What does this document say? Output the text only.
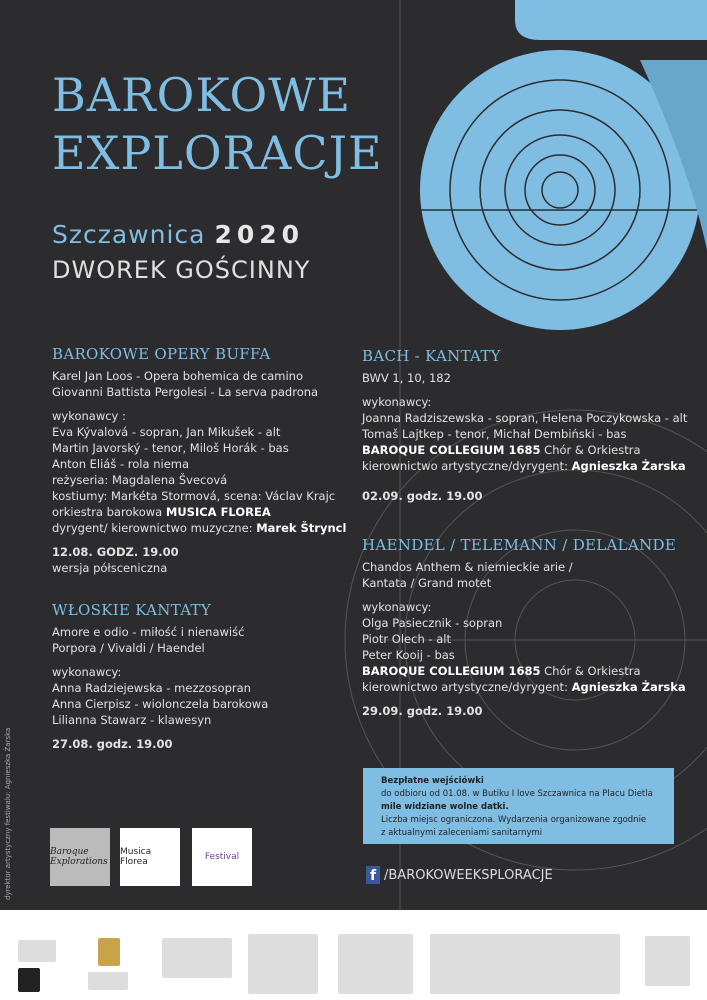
BAROKOWE
EXPLORACJE
Szczawnica 2020
DWOREK GOŚCINNY
BAROKOWE OPERY BUFFA

Karel Jan Loos - Opera bohemica de camino
Giovanni Battista Pergolesi - La serva padrona

wykonawcy :
Eva Kývalová - sopran, Jan Mikušek - alt
Martin Javorský - tenor, Miloš Horák - bas
Anton Eliáš - rola niema
reżyseria: Magdalena Švecová
kostiumy: Markéta Stormová, scena: Václav Krajc
orkiestra barokowa MUSICA FLOREA
dyrygent/ kierownictwo muzyczne: Marek Štryncl

12.08. GODZ. 19.00
wersja półsceniczna

WŁOSKIE KANTATY

Amore e odio - miłość i nienawiść
Porpora / Vivaldi / Haendel

wykonawcy:
Anna Radziejewska - mezzosopran
Anna Cierpisz - wiolonczela barokowa
Lilianna Stawarz - klawesyn

27.08. godz. 19.00

BACH - KANTATY

BWV 1, 10, 182

wykonawcy:
Joanna Radziszewska - sopran, Helena Poczykowska - alt
Tomaš Lajtkep - tenor, Michał Dembiński - bas
BAROQUE COLLEGIUM 1685 Chór & Orkiestra
kierownictwo artystyczne/dyrygent: Agnieszka Żarska

02.09. godz. 19.00

HAENDEL / TELEMANN / DELALANDE

Chandos Anthem & niemieckie arie /
Kantata / Grand motet

wykonawcy:
Olga Pasiecznik - sopran
Piotr Olech - alt
Peter Kooij - bas
BAROQUE COLLEGIUM 1685 Chór & Orkiestra
kierownictwo artystyczne/dyrygent: Agnieszka Żarska

29.09. godz. 19.00

Bezpłatne wejściówki
do odbioru od 01.08. w Butiku I love Szczawnica na Placu Dietla
mile widziane wolne datki.
Liczba miejsc ograniczona. Wydarzenia organizowane zgodnie
z aktualnymi zaleceniami sanitarnymi
f /BAROKOWEEKSPLORACJE
Baroque Explorations
Musica Florea	Festival
dyrektor artystyczny festiwalu: Agnieszka Żarska
